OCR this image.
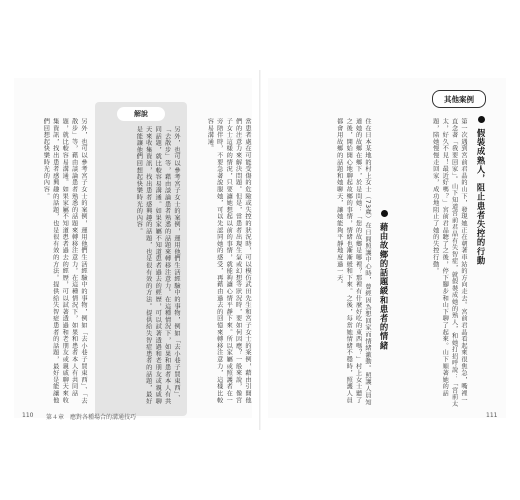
當患者處在可能受傷的危險或失控的狀況時，可以模仿武田先生和宮子女士的案例，藉由引開他們的注意力來解決問題。但是，當患者出現生氣或幻想等狀況時，要如何因應？一般來說，像宮子女士這樣的情況，只要讓她想起以前的事情，就能夠讓心情平靜下來。所以家屬或照護者在一旁陪伴時，不要急著說服她，可以先認同她的感受，再藉由過去的回憶來轉移注意力，這樣比較容易溝通。

解說

另外，也可以參考宮子女士的案例，運用他們生活經驗中的事物，例如「去小巷子買東西」、「去散步」等，藉由談論患者熟悉的話題來轉移注意力。在這種情況下，如果和患者本人有共同話題，就比較容易溝通。如果家屬不知道患者過去的經歷，可以試著透過和老朋友或親戚聊天來收集資訊，找出患者感興趣的話題，也是很有效的方法。提供給失智症患者的話題，最好是能讓他們回想起快樂時光的內容。

另外，也可以參考宮子女士的案例，運用他們生活經驗中的事物，例如「去小巷子買東西」、「去散步」等，藉由談論患者熟悉的話題來轉移注意力。在這種情況下，如果和患者本人有共同話題，就比較容易溝通。如果家屬不知道患者過去的經歷，可以試著透過和老朋友或親戚聊天來收集資訊，找出患者感興趣的話題，也是很有效的方法。提供給失智症患者的話題，最好是能讓他們回想起快樂時光的內容。

110 第４章　應對各種場合的溝通技巧
其他案例
假裝成熟人，阻止患者失控的行動

第一次遇到宮前君晶的山下，發現她正在朝著車站的方向走去。宮前君晶看起來很焦急，嘴裡一直念著「我要回家」。山下知道宮前君晶有失智症，就假裝成她的熟人，和她打招呼說：「宮前太太，好久不見！最近好嗎？」宮前君晶聽了之後，停下腳步和山下聊了起來。山下順著她的話題，陪她慢慢走回家，成功地阻止了她的失控行動。

藉由故鄉的話題緩和患者的情緒

住在日本某地的村上女士（73歲）在日間照護中心時，曾經因為想回家而情緒激動。照護人員知道她的故鄉在鄉下，於是問她：「您的故鄉是哪裡？那裡有什麼好吃的東西嗎？」村上女士聽了之後，開始開心地聊起故鄉的事情，情緒也漸漸緩和下來。之後，每當她情緒不穩時，照護人員都會用故鄉的話題和她聊天，讓她能夠平靜地度過一天。

111
